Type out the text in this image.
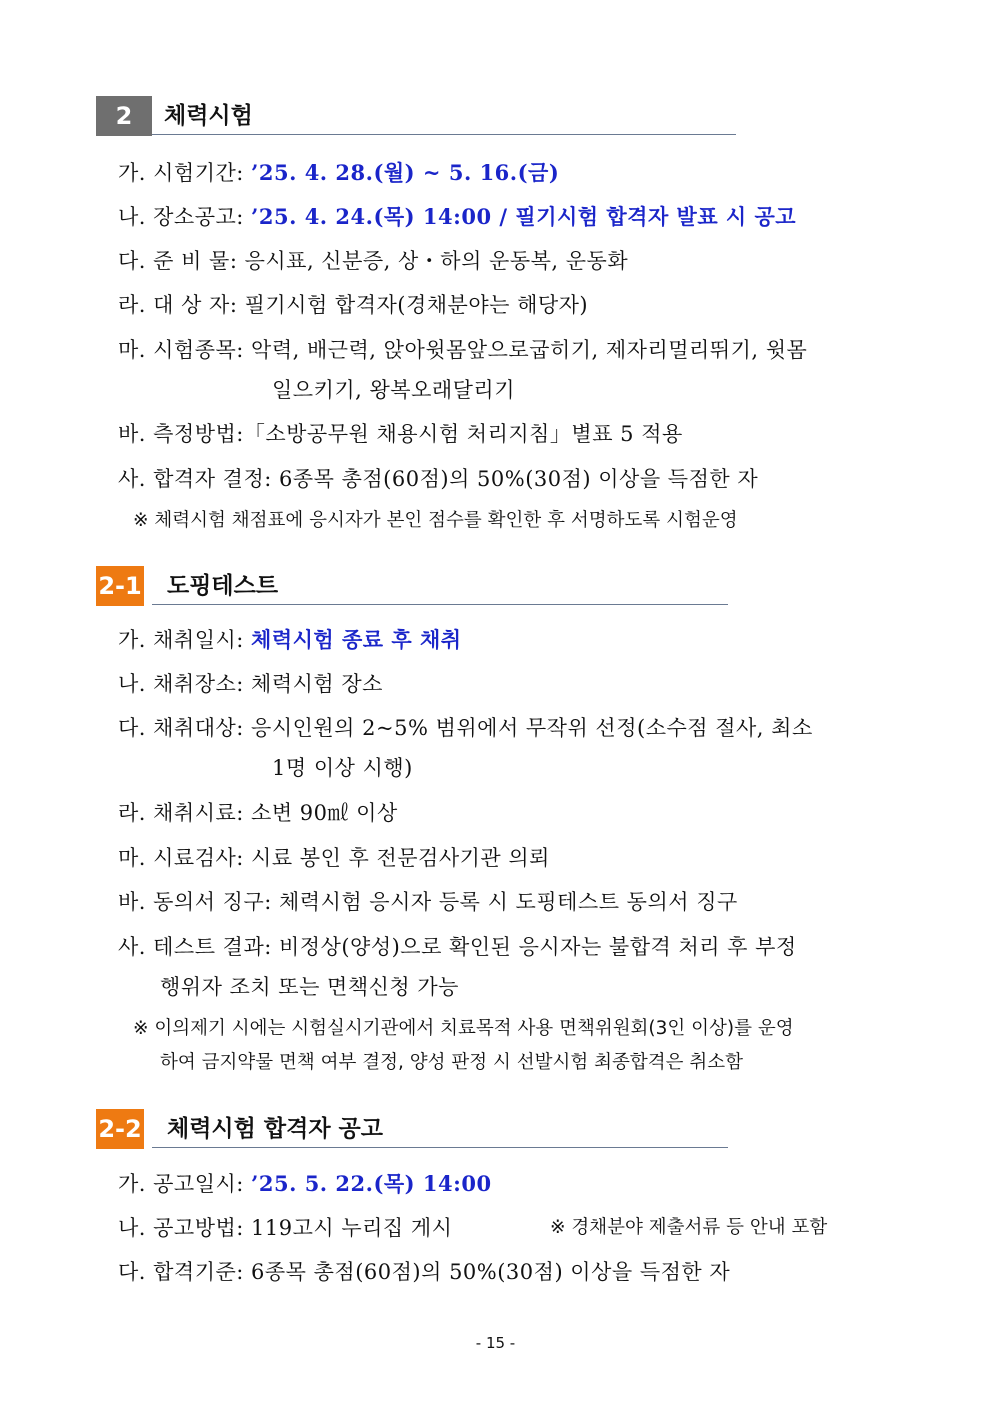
2	체력시험
가. 시험기간: ’25. 4. 28.(월) ~ 5. 16.(금)
나. 장소공고: ’25. 4. 24.(목) 14:00 / 필기시험 합격자 발표 시 공고
다. 준 비 물: 응시표, 신분증, 상・하의 운동복, 운동화
라. 대 상 자: 필기시험 합격자(경채분야는 해당자)
마. 시험종목: 악력, 배근력, 앉아윗몸앞으로굽히기, 제자리멀리뛰기, 윗몸
일으키기, 왕복오래달리기
바. 측정방법:「소방공무원 채용시험 처리지침」별표 5 적용
사. 합격자 결정: 6종목 총점(60점)의 50%(30점) 이상을 득점한 자
※ 체력시험 채점표에 응시자가 본인 점수를 확인한 후 서명하도록 시험운영
2-1 도핑테스트
가. 채취일시: 체력시험 종료 후 채취
나. 채취장소: 체력시험 장소
다. 채취대상: 응시인원의 2~5% 범위에서 무작위 선정(소수점 절사, 최소
1명 이상 시행)
라. 채취시료: 소변 90㎖ 이상
마. 시료검사: 시료 봉인 후 전문검사기관 의뢰
바. 동의서 징구: 체력시험 응시자 등록 시 도핑테스트 동의서 징구
사. 테스트 결과: 비정상(양성)으로 확인된 응시자는 불합격 처리 후 부정
행위자 조치 또는 면책신청 가능
※ 이의제기 시에는 시험실시기관에서 치료목적 사용 면책위원회(3인 이상)를 운영
하여 금지약물 면책 여부 결정, 양성 판정 시 선발시험 최종합격은 취소함
2-2 체력시험 합격자 공고
가. 공고일시: ’25. 5. 22.(목) 14:00
나. 공고방법: 119고시 누리집 게시	※ 경채분야 제출서류 등 안내 포함
다. 합격기준: 6종목 총점(60점)의 50%(30점) 이상을 득점한 자
- 15 -
